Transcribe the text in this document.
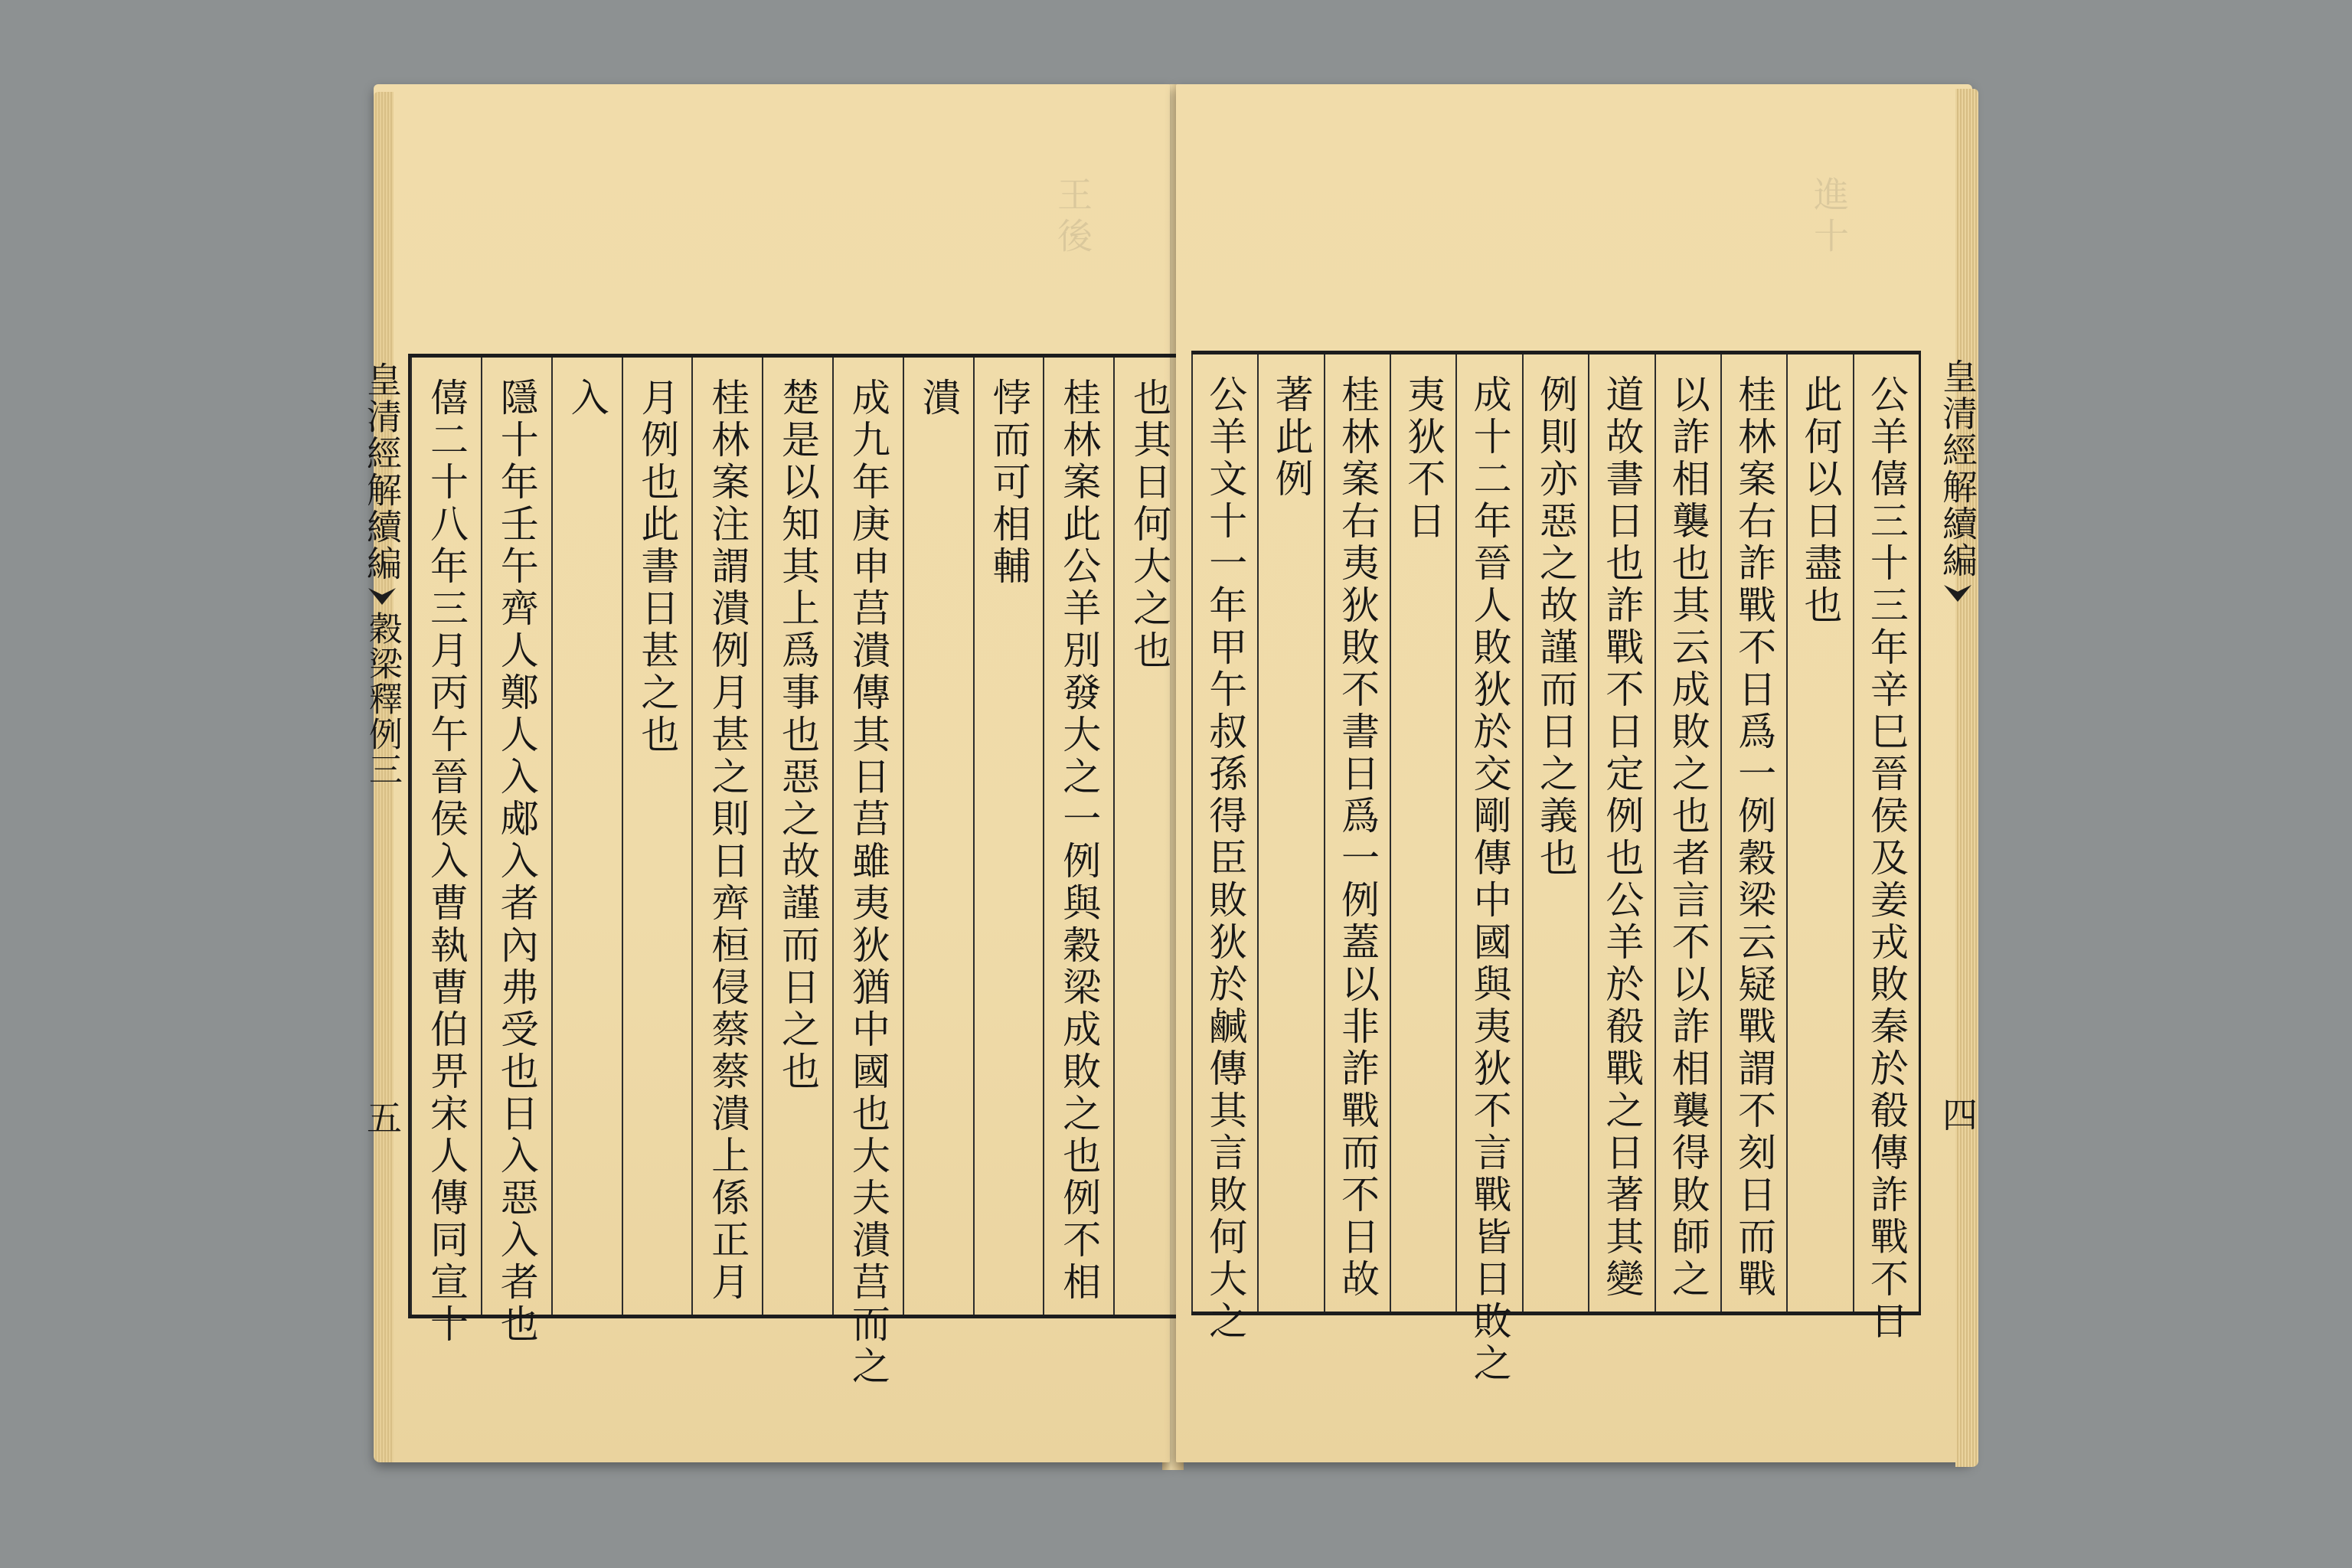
王後
也其日何大之也
桂林案此公羊別發大之一例與穀梁成敗之也例不相
悖而可相輔
潰
成九年庚申莒潰傳其日莒雖夷狄猶中國也大夫潰莒而之
楚是以知其上爲事也惡之故謹而日之也
桂林案注謂潰例月甚之則日齊桓侵蔡蔡潰上係正月
月例也此書日甚之也
入
隱十年壬午齊人鄭人入郕入者內弗受也日入惡入者也
僖二十八年三月丙午晉侯入曹執曹伯畀宋人傳同宣十
皇清經解續編
穀梁釋例三
五
進十
公羊僖三十三年辛巳晉侯及姜戎敗秦於殽傳詐戰不日
此何以日盡也
桂林案右詐戰不日爲一例穀梁云疑戰謂不刻日而戰
以詐相襲也其云成敗之也者言不以詐相襲得敗師之
道故書日也詐戰不日定例也公羊於殽戰之日著其變
例則亦惡之故謹而日之義也
成十二年晉人敗狄於交剛傳中國與夷狄不言戰皆日敗之
夷狄不日
桂林案右夷狄敗不書日爲一例蓋以非詐戰而不日故
著此例
公羊文十一年甲午叔孫得臣敗狄於鹹傳其言敗何大之	皇清經解續編
四
